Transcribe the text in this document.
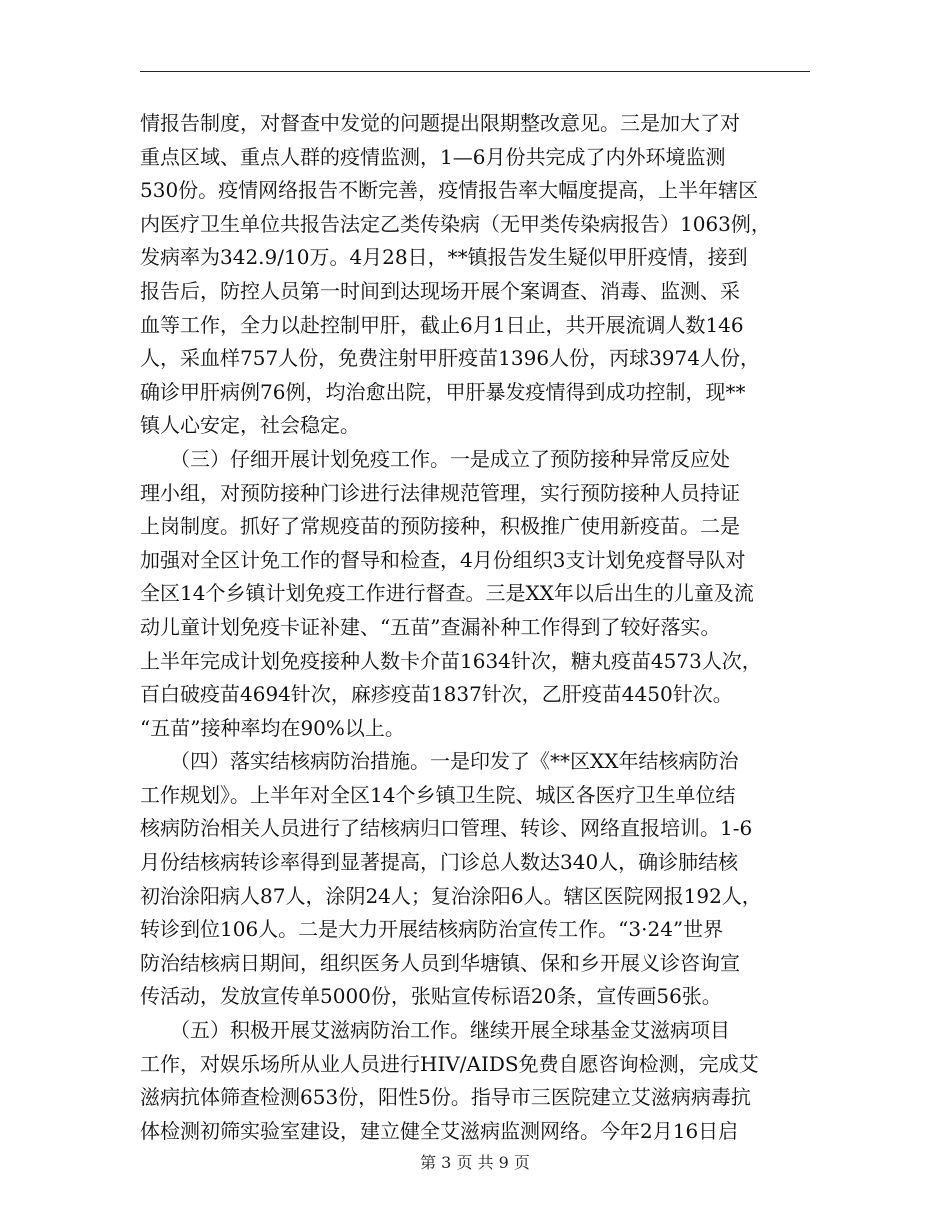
情报告制度，对督查中发觉的问题提出限期整改意见。三是加大了对
重点区域、重点人群的疫情监测，1—6月份共完成了内外环境监测
530份。疫情网络报告不断完善，疫情报告率大幅度提高，上半年辖区
内医疗卫生单位共报告法定乙类传染病（无甲类传染病报告）1063例，
发病率为342.9/10万。4月28日，**镇报告发生疑似甲肝疫情，接到
报告后，防控人员第一时间到达现场开展个案调查、消毒、监测、采
血等工作，全力以赴控制甲肝，截止6月1日止，共开展流调人数146
人，采血样757人份，免费注射甲肝疫苗1396人份，丙球3974人份，
确诊甲肝病例76例，均治愈出院，甲肝暴发疫情得到成功控制，现**
镇人心安定，社会稳定。
　　（三）仔细开展计划免疫工作。一是成立了预防接种异常反应处
理小组，对预防接种门诊进行法律规范管理，实行预防接种人员持证
上岗制度。抓好了常规疫苗的预防接种，积极推广使用新疫苗。二是
加强对全区计免工作的督导和检查，4月份组织3支计划免疫督导队对
全区14个乡镇计划免疫工作进行督查。三是XX年以后出生的儿童及流
动儿童计划免疫卡证补建、“五苗”查漏补种工作得到了较好落实。
上半年完成计划免疫接种人数卡介苗1634针次，糖丸疫苗4573人次，
百白破疫苗4694针次，麻疹疫苗1837针次，乙肝疫苗4450针次。
“五苗”接种率均在90%以上。
　　（四）落实结核病防治措施。一是印发了《**区XX年结核病防治
工作规划》。上半年对全区14个乡镇卫生院、城区各医疗卫生单位结
核病防治相关人员进行了结核病归口管理、转诊、网络直报培训。1-6
月份结核病转诊率得到显著提高，门诊总人数达340人，确诊肺结核
初治涂阳病人87人，涂阴24人；复治涂阳6人。辖区医院网报192人，
转诊到位106人。二是大力开展结核病防治宣传工作。“3·24”世界
防治结核病日期间，组织医务人员到华塘镇、保和乡开展义诊咨询宣
传活动，发放宣传单5000份，张贴宣传标语20条，宣传画56张。
　　（五）积极开展艾滋病防治工作。继续开展全球基金艾滋病项目
工作，对娱乐场所从业人员进行HIV/AIDS免费自愿咨询检测，完成艾
滋病抗体筛查检测653份，阳性5份。指导市三医院建立艾滋病病毒抗
体检测初筛实验室建设，建立健全艾滋病监测网络。今年2月16日启
第 3 页 共 9 页
